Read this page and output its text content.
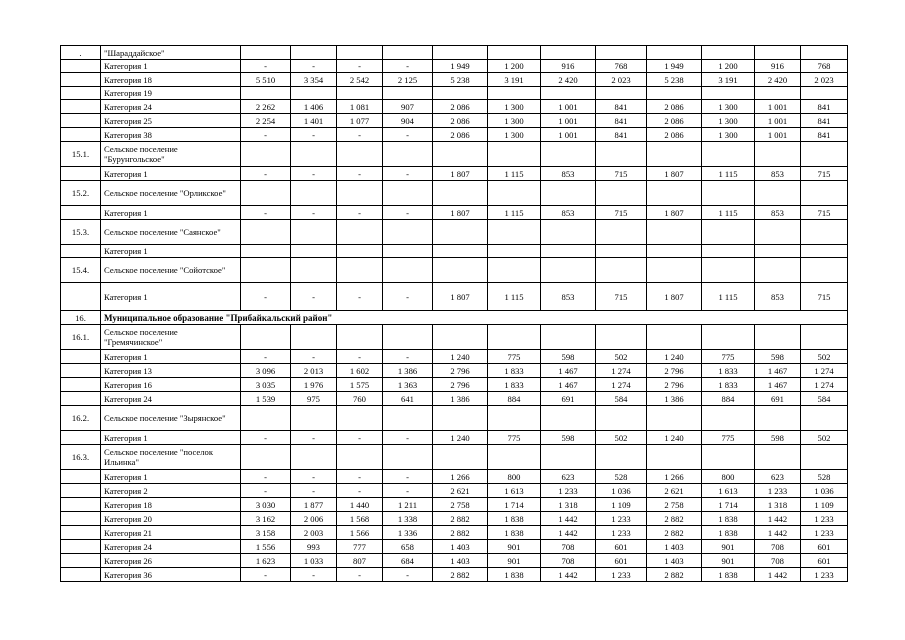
.	"Шараддайское"												
	Категория 1	-	-	-	-	1 949	1 200	916	768	1 949	1 200	916	768
	Категория 18	5 510	3 354	2 542	2 125	5 238	3 191	2 420	2 023	5 238	3 191	2 420	2 023
	Категория 19												
	Категория 24	2 262	1 406	1 081	907	2 086	1 300	1 001	841	2 086	1 300	1 001	841
	Категория 25	2 254	1 401	1 077	904	2 086	1 300	1 001	841	2 086	1 300	1 001	841
	Категория 38	-	-	-	-	2 086	1 300	1 001	841	2 086	1 300	1 001	841
15.1.	Сельское поселение "Бурунгольское"												
	Категория 1	-	-	-	-	1 807	1 115	853	715	1 807	1 115	853	715
15.2.	Сельское поселение "Орликское"												
	Категория 1	-	-	-	-	1 807	1 115	853	715	1 807	1 115	853	715
15.3.	Сельское поселение "Саянское"												
	Категория 1												
15.4.	Сельское поселение "Сойотское"												
	Категория 1	-	-	-	-	1 807	1 115	853	715	1 807	1 115	853	715
16.	Муниципальное образование "Прибайкальский район"												
16.1.	Сельское поселение "Гремячинское"												
	Категория 1	-	-	-	-	1 240	775	598	502	1 240	775	598	502
	Категория 13	3 096	2 013	1 602	1 386	2 796	1 833	1 467	1 274	2 796	1 833	1 467	1 274
	Категория 16	3 035	1 976	1 575	1 363	2 796	1 833	1 467	1 274	2 796	1 833	1 467	1 274
	Категория 24	1 539	975	760	641	1 386	884	691	584	1 386	884	691	584
16.2.	Сельское поселение "Зырянское"												
	Категория 1	-	-	-	-	1 240	775	598	502	1 240	775	598	502
16.3.	Сельское поселение "поселок Ильинка"												
	Категория 1	-	-	-	-	1 266	800	623	528	1 266	800	623	528
	Категория 2	-	-	-	-	2 621	1 613	1 233	1 036	2 621	1 613	1 233	1 036
	Категория 18	3 030	1 877	1 440	1 211	2 758	1 714	1 318	1 109	2 758	1 714	1 318	1 109
	Категория 20	3 162	2 006	1 568	1 338	2 882	1 838	1 442	1 233	2 882	1 838	1 442	1 233
	Категория 21	3 158	2 003	1 566	1 336	2 882	1 838	1 442	1 233	2 882	1 838	1 442	1 233
	Категория 24	1 556	993	777	658	1 403	901	708	601	1 403	901	708	601
	Категория 26	1 623	1 033	807	684	1 403	901	708	601	1 403	901	708	601
	Категория 36	-	-	-	-	2 882	1 838	1 442	1 233	2 882	1 838	1 442	1 233
